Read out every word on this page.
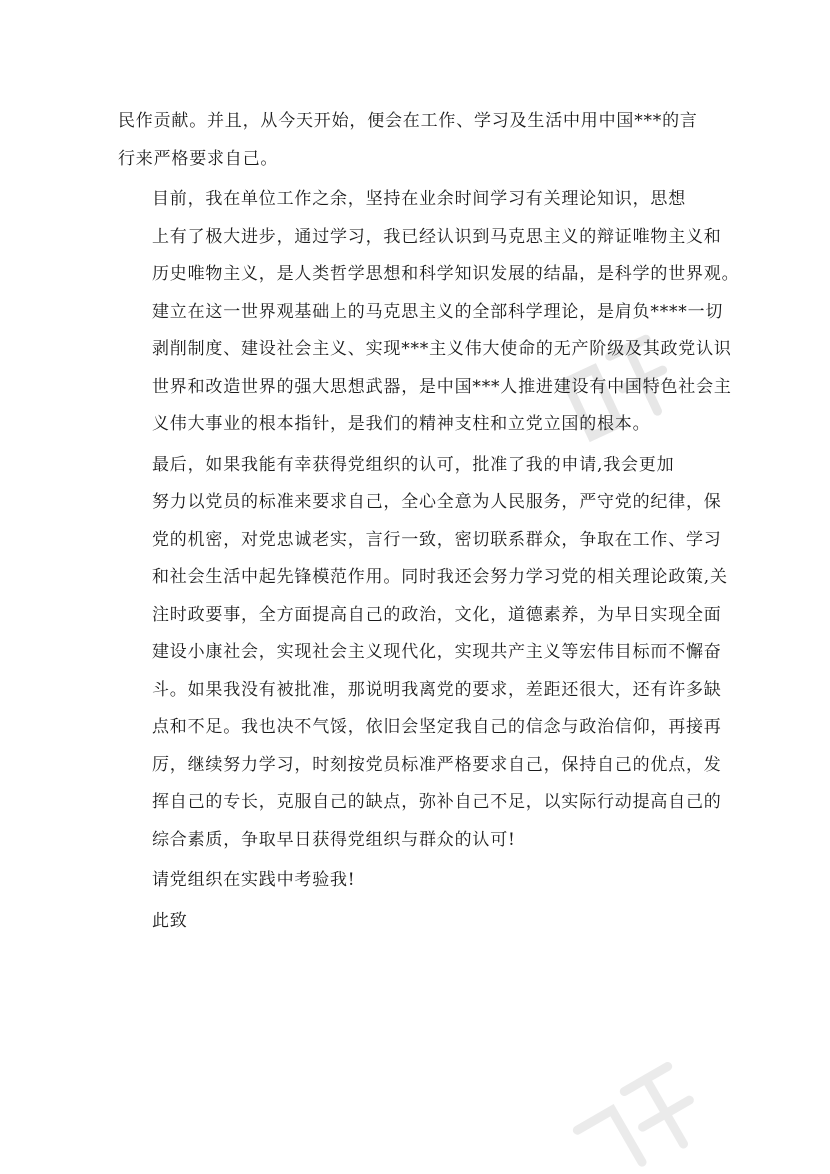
民作贡献。并且，从今天开始，便会在工作、学习及生活中用中国***的言
行来严格要求自己。
目前，我在单位工作之余，坚持在业余时间学习有关理论知识，思想
上有了极大进步，通过学习，我已经认识到马克思主义的辩证唯物主义和
历史唯物主义，是人类哲学思想和科学知识发展的结晶，是科学的世界观。
建立在这一世界观基础上的马克思主义的全部科学理论，是肩负****一切
剥削制度、建设社会主义、实现***主义伟大使命的无产阶级及其政党认识
世界和改造世界的强大思想武器，是中国***人推进建设有中国特色社会主
义伟大事业的根本指针，是我们的精神支柱和立党立国的根本。
最后，如果我能有幸获得党组织的认可，批准了我的申请,我会更加
努力以党员的标准来要求自己，全心全意为人民服务，严守党的纪律，保
党的机密，对党忠诚老实，言行一致，密切联系群众，争取在工作、学习
和社会生活中起先锋模范作用。同时我还会努力学习党的相关理论政策,关
注时政要事，全方面提高自己的政治，文化，道德素养，为早日实现全面
建设小康社会，实现社会主义现代化，实现共产主义等宏伟目标而不懈奋
斗。如果我没有被批准，那说明我离党的要求，差距还很大，还有许多缺
点和不足。我也决不气馁，依旧会坚定我自己的信念与政治信仰，再接再
厉，继续努力学习，时刻按党员标准严格要求自己，保持自己的优点，发
挥自己的专长，克服自己的缺点，弥补自己不足，以实际行动提高自己的
综合素质，争取早日获得党组织与群众的认可!
请党组织在实践中考验我!
此致
